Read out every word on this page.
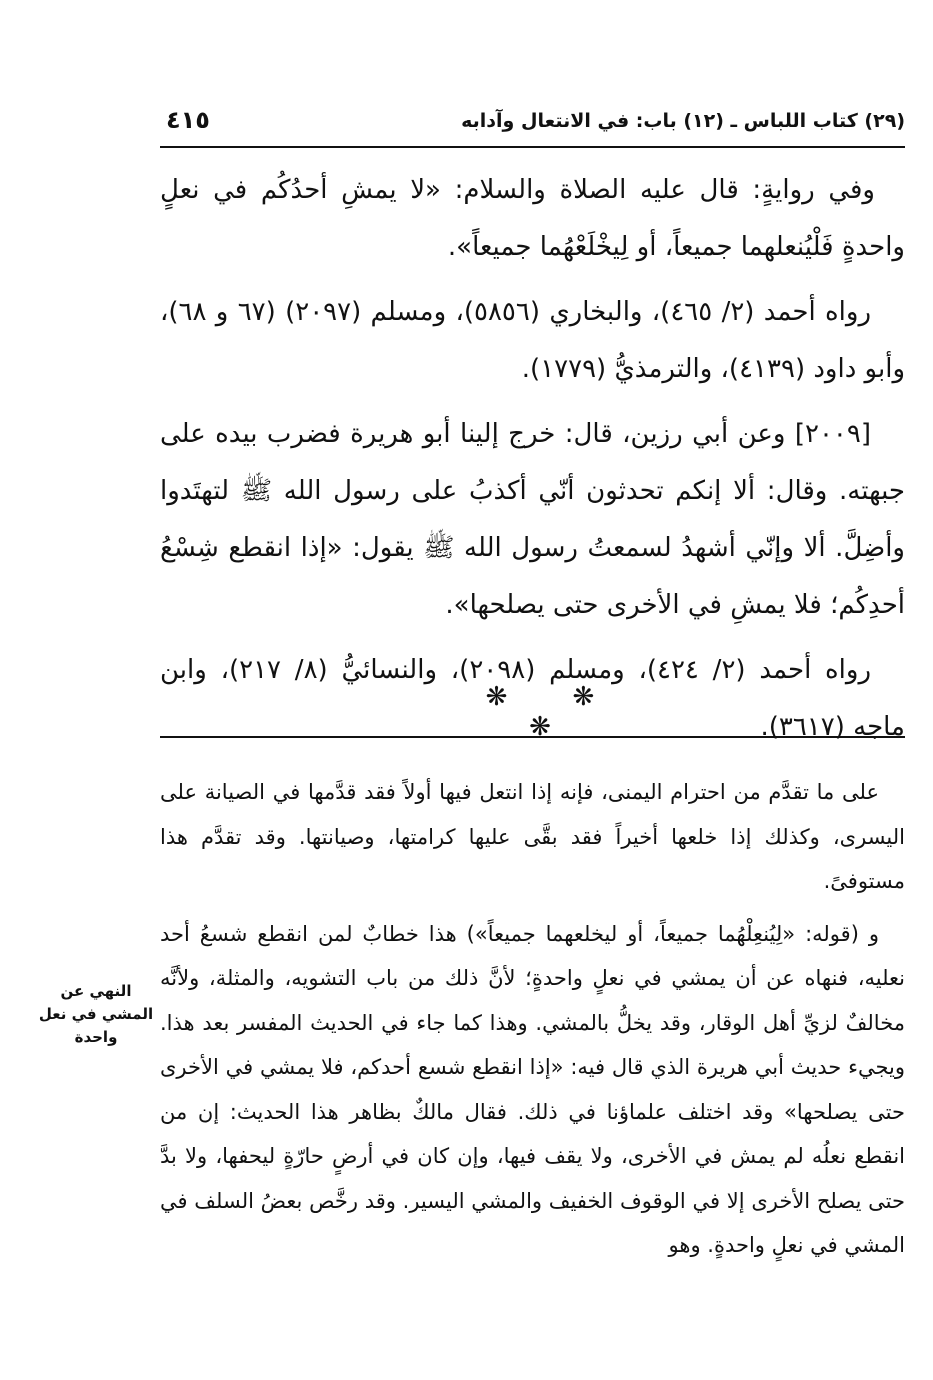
(٢٩) كتاب اللباس ـ (١٢) باب: في الانتعال وآدابه
٤١٥

وفي روايةٍ: قال عليه الصلاة والسلام: «لا يمشِ أحدُكُم في نعلٍ واحدةٍ فَلْيُنعلهما جميعاً، أو لِيخْلَعْهُما جميعاً».

رواه أحمد (٢/ ٤٦٥)، والبخاري (٥٨٥٦)، ومسلم (٢٠٩٧) (٦٧ و ٦٨)، وأبو داود (٤١٣٩)، والترمذيُّ (١٧٧٩).

[٢٠٠٩] وعن أبي رزين، قال: خرج إلينا أبو هريرة فضرب بيده على جبهته. وقال: ألا إنكم تحدثون أنّي أكذبُ على رسول الله ﷺ لتهتَدوا وأضِلَّ. ألا وإنّي أشهدُ لسمعتُ رسول الله ﷺ يقول: «إذا انقطع شِسْعُ أحدِكُم؛ فلا يمشِ في الأخرى حتى يصلحها».

رواه أحمد (٢/ ٤٢٤)، ومسلم (٢٠٩٨)، والنسائيُّ (٨/ ٢١٧)، وابن ماجه (٣٦١٧).

❋	❋ ❋

على ما تقدَّم من احترام اليمنى، فإنه إذا انتعل فيها أولاً فقد قدَّمها في الصيانة على اليسرى، وكذلك إذا خلعها أخيراً فقد بقَّى عليها كرامتها، وصيانتها. وقد تقدَّم هذا مستوفىً.

و (قوله: «لِيُنعِلْهُما جميعاً، أو ليخلعهما جميعاً») هذا خطابٌ لمن انقطع شسعُ أحد نعليه، فنهاه عن أن يمشي في نعلٍ واحدةٍ؛ لأنَّ ذلك من باب التشويه، والمثلة، ولأنَّه مخالفٌ لزيِّ أهل الوقار، وقد يخلُّ بالمشي. وهذا كما جاء في الحديث المفسر بعد هذا. ويجيء حديث أبي هريرة الذي قال فيه: «إذا انقطع شسع أحدكم، فلا يمشي في الأخرى حتى يصلحها» وقد اختلف علماؤنا في ذلك. فقال مالكٌ بظاهر هذا الحديث: إن من انقطع نعلُه لم يمش في الأخرى، ولا يقف فيها، وإن كان في أرضٍ حارّةٍ ليحفها، ولا بدَّ حتى يصلح الأخرى إلا في الوقوف الخفيف والمشي اليسير. وقد رخَّص بعضُ السلف في المشي في نعلٍ واحدةٍ. وهو

النهي عن المشي في نعل واحدة
